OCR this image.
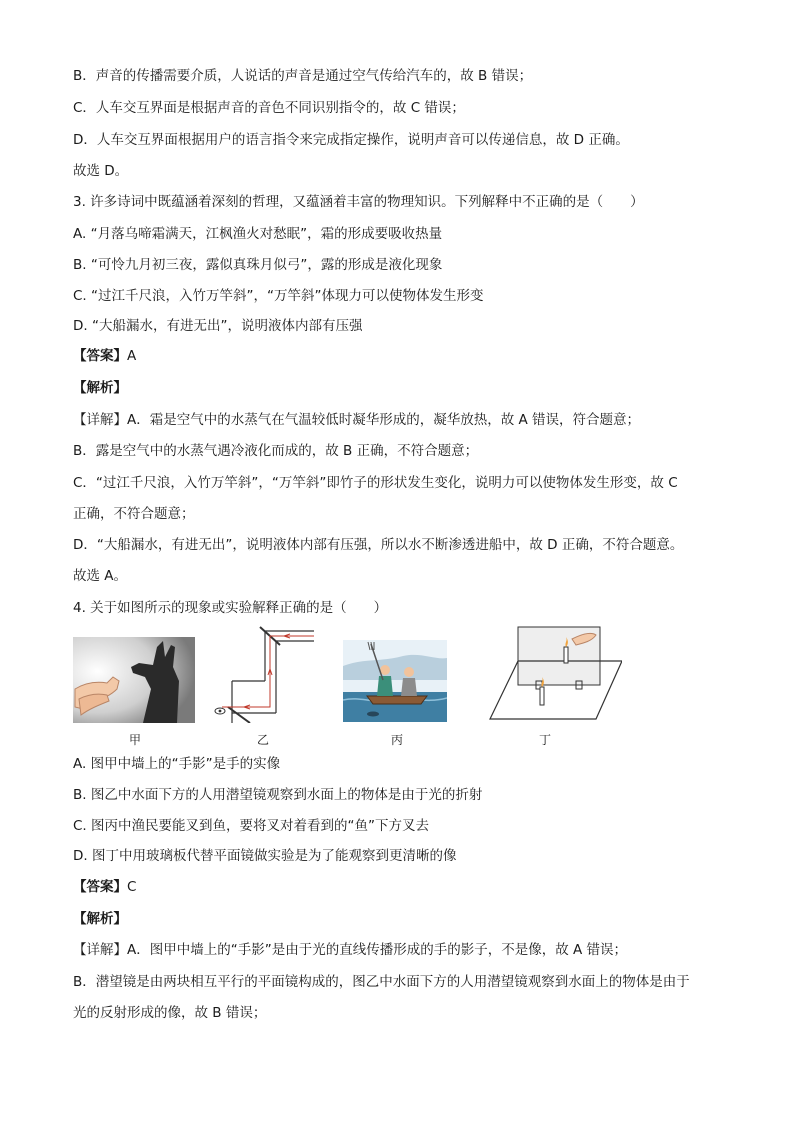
B．声音的传播需要介质，人说话的声音是通过空气传给汽车的，故 B 错误；
C．人车交互界面是根据声音的音色不同识别指令的，故 C 错误；
D．人车交互界面根据用户的语言指令来完成指定操作，说明声音可以传递信息，故 D 正确。
故选 D。
3. 许多诗词中既蕴涵着深刻的哲理，又蕴涵着丰富的物理知识。下列解释中不正确的是（　　）
A. “月落乌啼霜满天，江枫渔火对愁眠”，霜的形成要吸收热量
B. “可怜九月初三夜，露似真珠月似弓”，露的形成是液化现象
C. “过江千尺浪，入竹万竿斜”，“万竿斜”体现力可以使物体发生形变
D. “大船漏水，有进无出”，说明液体内部有压强
【答案】A
【解析】
【详解】A．霜是空气中的水蒸气在气温较低时凝华形成的，凝华放热，故 A 错误，符合题意；
B．露是空气中的水蒸气遇冷液化而成的，故 B 正确，不符合题意；
C．“过江千尺浪，入竹万竿斜”，“万竿斜”即竹子的形状发生变化，说明力可以使物体发生形变，故 C
正确，不符合题意；
D．“大船漏水，有进无出”，说明液体内部有压强，所以水不断渗透进船中，故 D 正确，不符合题意。
故选 A。
4. 关于如图所示的现象或实验解释正确的是（　　）
甲	乙	丙	丁
A. 图甲中墙上的“手影”是手的实像
B. 图乙中水面下方的人用潜望镜观察到水面上的物体是由于光的折射
C. 图丙中渔民要能叉到鱼，要将叉对着看到的“鱼”下方叉去
D. 图丁中用玻璃板代替平面镜做实验是为了能观察到更清晰的像
【答案】C
【解析】
【详解】A．图甲中墙上的“手影”是由于光的直线传播形成的手的影子，不是像，故 A 错误；
B．潜望镜是由两块相互平行的平面镜构成的，图乙中水面下方的人用潜望镜观察到水面上的物体是由于
光的反射形成的像，故 B 错误；
